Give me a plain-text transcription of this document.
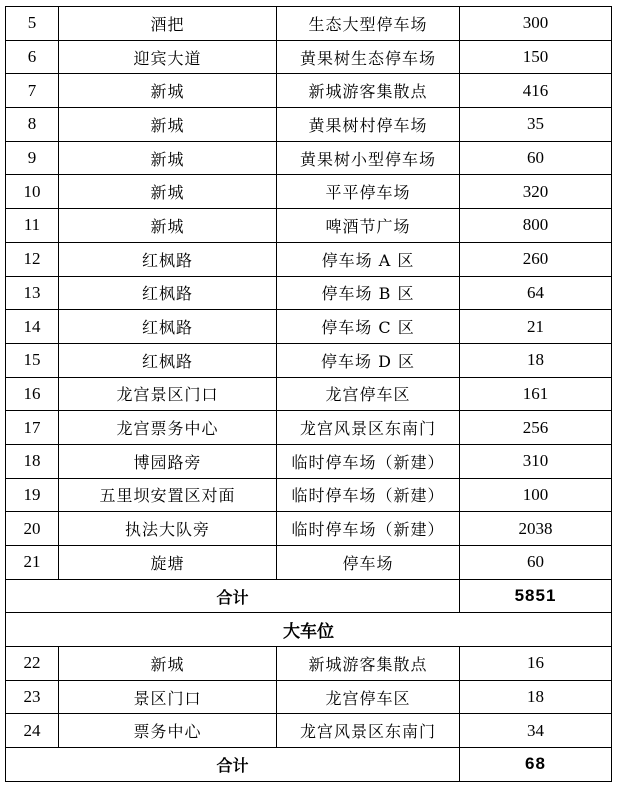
5	酒把	生态大型停车场	300
6	迎宾大道	黄果树生态停车场	150
7	新城	新城游客集散点	416
8	新城	黄果树村停车场	35
9	新城	黄果树小型停车场	60
10	新城	平平停车场	320
11	新城	啤酒节广场	800
12	红枫路	停车场 A 区	260
13	红枫路	停车场 B 区	64
14	红枫路	停车场 C 区	21
15	红枫路	停车场 D 区	18
16	龙宫景区门口	龙宫停车区	161
17	龙宫票务中心	龙宫风景区东南门	256
18	博园路旁	临时停车场（新建）	310
19	五里坝安置区对面	临时停车场（新建）	100
20	执法大队旁	临时停车场（新建）	2038
21	旋塘	停车场	60
合计			5851
大车位			
22	新城	新城游客集散点	16
23	景区门口	龙宫停车区	18
24	票务中心	龙宫风景区东南门	34
合计			68
